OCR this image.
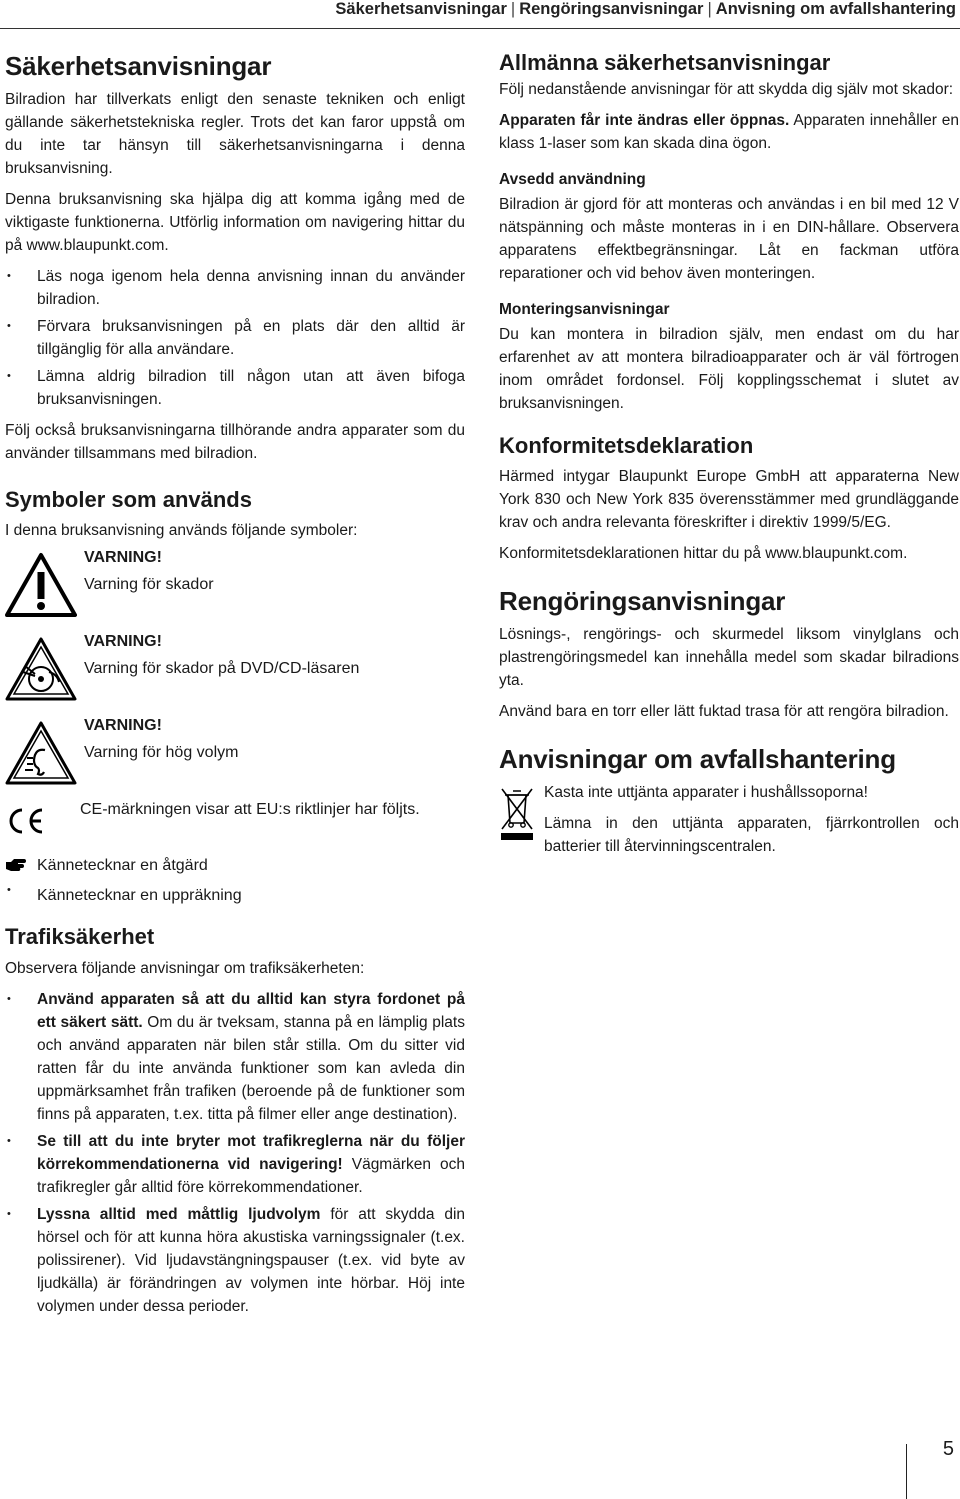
Säkerhetsanvisningar | Rengöringsanvisningar | Anvisning om avfallshantering
Säkerhetsanvisningar

Bilradion har tillverkats enligt den senaste tekniken och enligt gällande säkerhetstekniska regler. Trots det kan faror uppstå om du inte tar hänsyn till säkerhetsanvisningarna i denna bruksanvisning.

Denna bruksanvisning ska hjälpa dig att komma igång med de viktigaste funktionerna. Utförlig information om navigering hittar du på www.blaupunkt.com.

• Läs noga igenom hela denna anvisning innan du använder bilradion.
• Förvara bruksanvisningen på en plats där den alltid är tillgänglig för alla användare.
• Lämna aldrig bilradion till någon utan att även bifoga bruksanvisningen.

Följ också bruksanvisningarna tillhörande andra apparater som du använder tillsammans med bilradion.

Symboler som används

I denna bruksanvisning används följande symboler:

VARNING!
Varning för skador
VARNING!
Varning för skador på DVD/CD-läsaren
VARNING!
Varning för hög volym
CE-märkningen visar att EU:s riktlinjer har följts.
Kännetecknar en åtgärd
• Kännetecknar en uppräkning
Trafiksäkerhet

Observera följande anvisningar om trafiksäkerheten:

• Använd apparaten så att du alltid kan styra fordonet på ett säkert sätt. Om du är tveksam, stanna på en lämplig plats och använd apparaten när bilen står stilla. Om du sitter vid ratten får du inte använda funktioner som kan avleda din uppmärksamhet från trafiken (beroende på de funktioner som finns på apparaten, t.ex. titta på filmer eller ange destination).
• Se till att du inte bryter mot trafikreglerna när du följer körrekommendationerna vid navigering! Vägmärken och trafikregler går alltid före körrekommendationer.
• Lyssna alltid med måttlig ljudvolym för att skydda din hörsel och för att kunna höra akustiska varningssignaler (t.ex. polissirener). Vid ljudavstängningspauser (t.ex. vid byte av ljudkälla) är förändringen av volymen inte hörbar. Höj inte volymen under dessa perioder.
Allmänna säkerhetsanvisningar

Följ nedanstående anvisningar för att skydda dig själv mot skador:

Apparaten får inte ändras eller öppnas. Apparaten innehåller en klass 1-laser som kan skada dina ögon.

Avsedd användning

Bilradion är gjord för att monteras och användas i en bil med 12 V nätspänning och måste monteras in i en DIN-hållare. Observera apparatens effektbegränsningar. Låt en fackman utföra reparationer och vid behov även monteringen.

Monteringsanvisningar

Du kan montera in bilradion själv, men endast om du har erfarenhet av att montera bilradioapparater och är väl förtrogen inom området fordonsel. Följ kopplingsschemat i slutet av bruksanvisningen.

Konformitetsdeklaration

Härmed intygar Blaupunkt Europe GmbH att apparaterna New York 830 och New York 835 överensstämmer med grundläggande krav och andra relevanta föreskrifter i direktiv 1999/5/EG.

Konformitetsdeklarationen hittar du på www.blaupunkt.com.

Rengöringsanvisningar

Lösnings-, rengörings- och skurmedel liksom vinylglans och plastrengöringsmedel kan innehålla medel som skadar bilradions yta.

Använd bara en torr eller lätt fuktad trasa för att rengöra bilradion.

Anvisningar om avfallshantering
Kasta inte uttjänta apparater i hushållssoporna!
Lämna in den uttjänta apparaten, fjärrkontrollen och batterier till återvinningscentralen.
5
